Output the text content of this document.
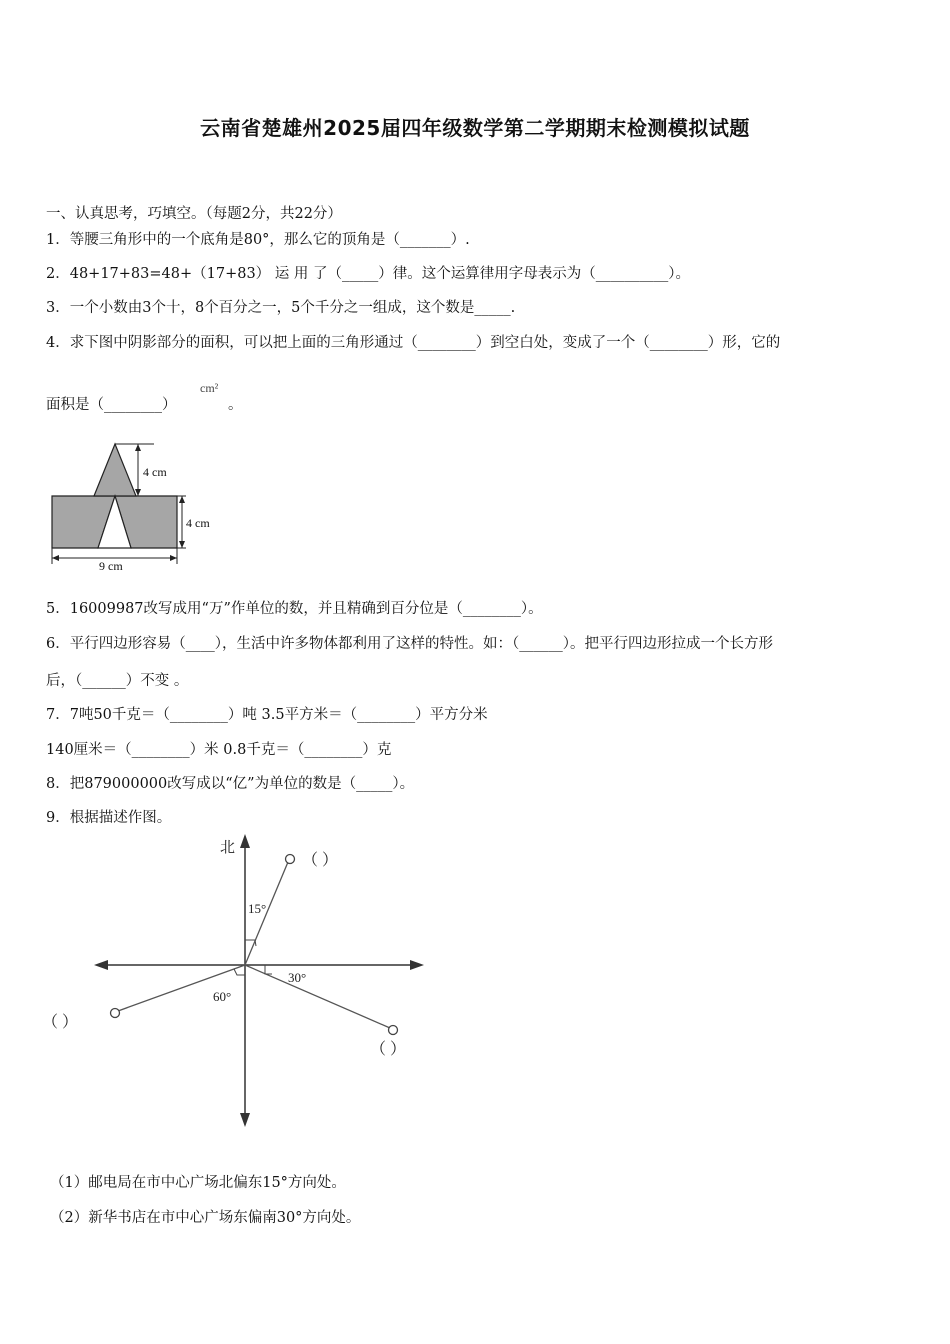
云南省楚雄州2025届四年级数学第二学期期末检测模拟试题
一、认真思考，巧填空。（每题2分，共22分）
1．等腰三角形中的一个底角是80°，那么它的顶角是（_______）.
2．48+17+83=48+（17+83） 运 用 了（_____）律。这个运算律用字母表示为（__________）。
3．一个小数由3个十，8个百分之一，5个千分之一组成，这个数是_____.
4．求下图中阴影部分的面积，可以把上面的三角形通过（________）到空白处，变成了一个（________）形，它的
面积是（________）
cm²
。
4 cm
4 cm
9 cm
5．16009987改写成用“万”作单位的数，并且精确到百分位是（________）。
6．平行四边形容易（____），生活中许多物体都利用了这样的特性。如：（______）。把平行四边形拉成一个长方形
后，（______）不变 。
7．7吨50千克＝（________）吨 3.5平方米＝（________）平方分米
140厘米＝（________）米 0.8千克＝（________）克
8．把879000000改写成以“亿”为单位的数是（_____）。
9．根据描述作图。
北
（ ）
15°
（ ）
30°
（ ）
60°
（1）邮电局在市中心广场北偏东15°方向处。
（2）新华书店在市中心广场东偏南30°方向处。
